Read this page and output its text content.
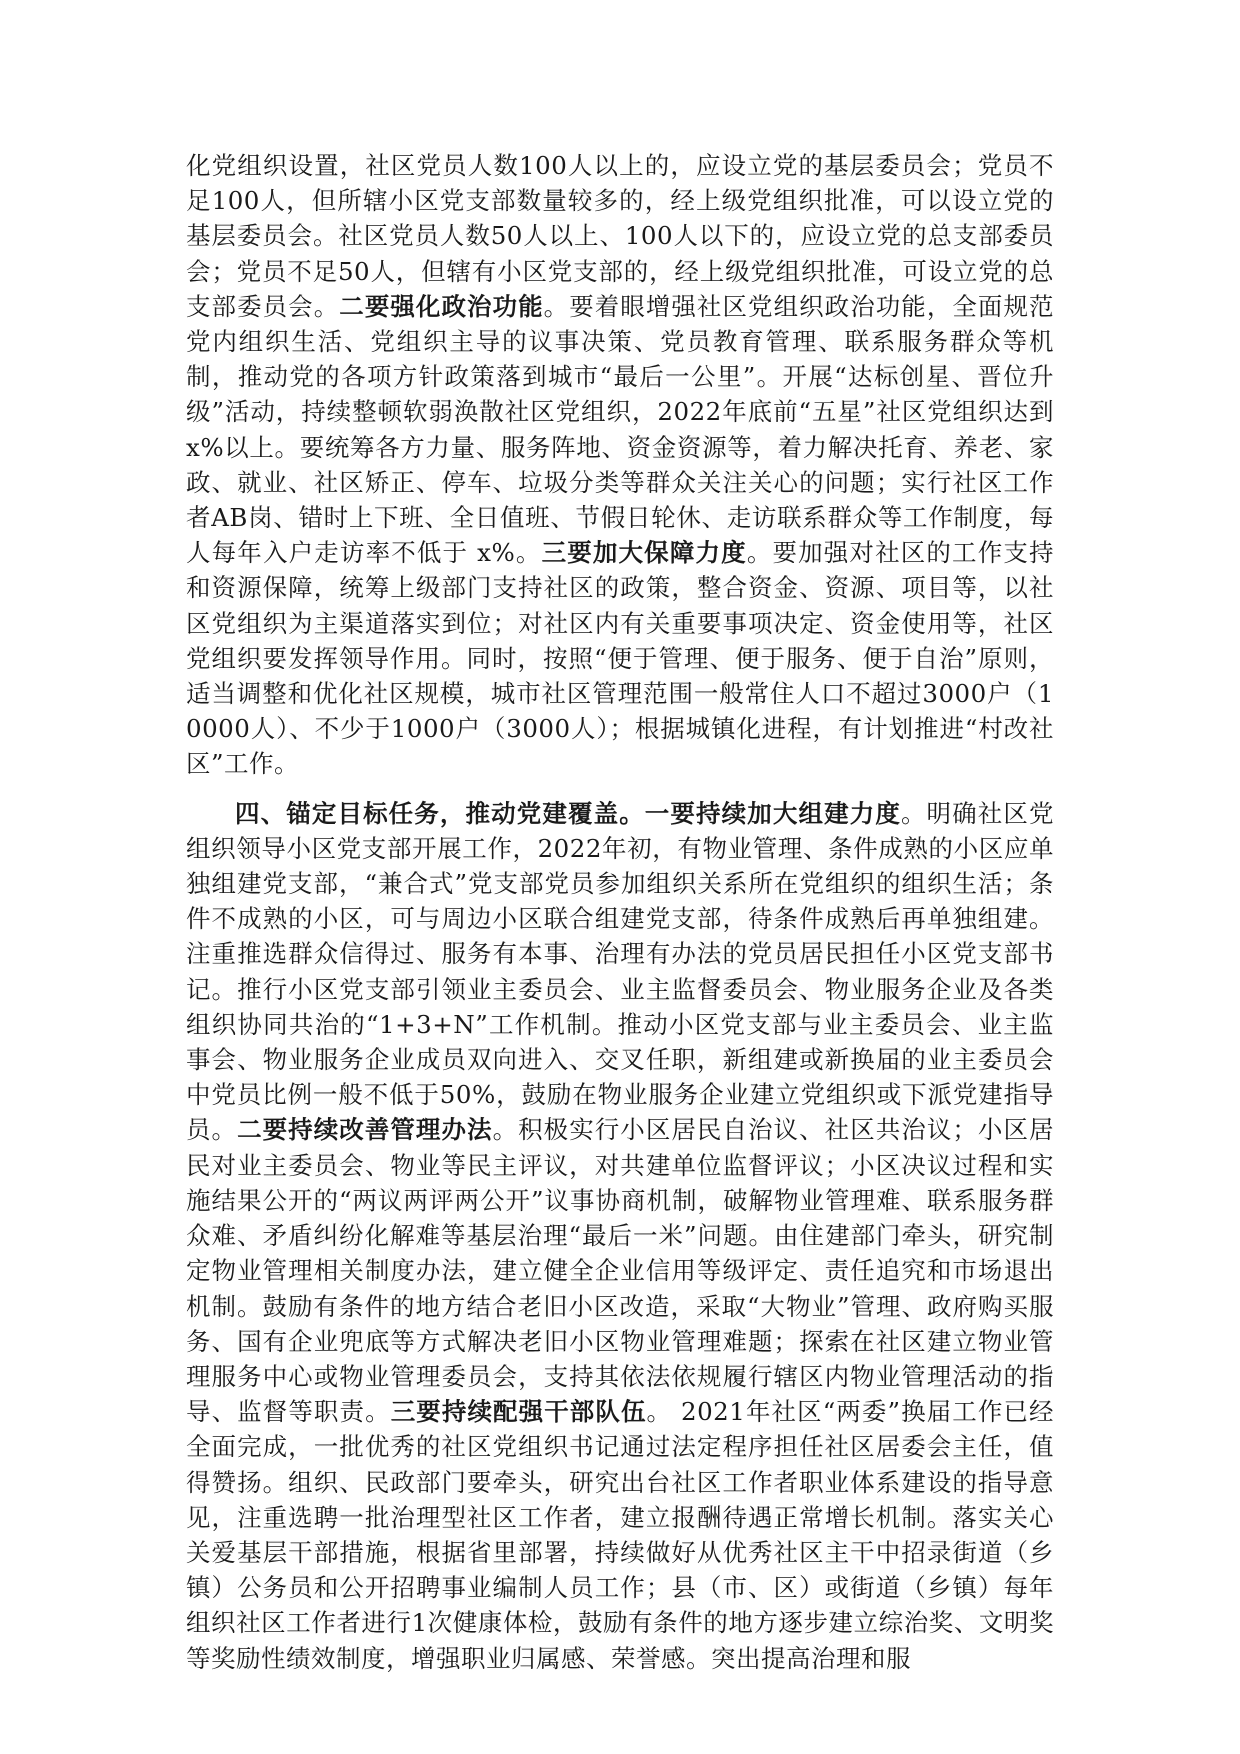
化党组织设置，社区党员人数100人以上的，应设立党的基层委员会；党员不足100人，但所辖小区党支部数量较多的，经上级党组织批准，可以设立党的基层委员会。社区党员人数50人以上、100人以下的，应设立党的总支部委员会；党员不足50人，但辖有小区党支部的，经上级党组织批准，可设立党的总支部委员会。二要强化政治功能。要着眼增强社区党组织政治功能，全面规范党内组织生活、党组织主导的议事决策、党员教育管理、联系服务群众等机制，推动党的各项方针政策落到城市“最后一公里”。开展“达标创星、晋位升级”活动，持续整顿软弱涣散社区党组织，2022年底前“五星”社区党组织达到x%以上。要统筹各方力量、服务阵地、资金资源等，着力解决托育、养老、家政、就业、社区矫正、停车、垃圾分类等群众关注关心的问题；实行社区工作者AB岗、错时上下班、全日值班、节假日轮休、走访联系群众等工作制度，每人每年入户走访率不低于 x%。三要加大保障力度。要加强对社区的工作支持和资源保障，统筹上级部门支持社区的政策，整合资金、资源、项目等，以社区党组织为主渠道落实到位；对社区内有关重要事项决定、资金使用等，社区党组织要发挥领导作用。同时，按照“便于管理、便于服务、便于自治”原则，适当调整和优化社区规模，城市社区管理范围一般常住人口不超过3000户（10000人）、不少于1000户（3000人）；根据城镇化进程，有计划推进“村改社区”工作。

四、锚定目标任务，推动党建覆盖。一要持续加大组建力度。明确社区党组织领导小区党支部开展工作，2022年初，有物业管理、条件成熟的小区应单独组建党支部，“兼合式”党支部党员参加组织关系所在党组织的组织生活；条件不成熟的小区，可与周边小区联合组建党支部，待条件成熟后再单独组建。注重推选群众信得过、服务有本事、治理有办法的党员居民担任小区党支部书记。推行小区党支部引领业主委员会、业主监督委员会、物业服务企业及各类组织协同共治的“1+3+N”工作机制。推动小区党支部与业主委员会、业主监事会、物业服务企业成员双向进入、交叉任职，新组建或新换届的业主委员会中党员比例一般不低于50%，鼓励在物业服务企业建立党组织或下派党建指导员。二要持续改善管理办法。积极实行小区居民自治议、社区共治议；小区居民对业主委员会、物业等民主评议，对共建单位监督评议；小区决议过程和实施结果公开的“两议两评两公开”议事协商机制，破解物业管理难、联系服务群众难、矛盾纠纷化解难等基层治理“最后一米”问题。由住建部门牵头，研究制定物业管理相关制度办法，建立健全企业信用等级评定、责任追究和市场退出机制。鼓励有条件的地方结合老旧小区改造，采取“大物业”管理、政府购买服务、国有企业兜底等方式解决老旧小区物业管理难题；探索在社区建立物业管理服务中心或物业管理委员会，支持其依法依规履行辖区内物业管理活动的指导、监督等职责。三要持续配强干部队伍。 2021年社区“两委”换届工作已经全面完成，一批优秀的社区党组织书记通过法定程序担任社区居委会主任，值得赞扬。组织、民政部门要牵头，研究出台社区工作者职业体系建设的指导意见，注重选聘一批治理型社区工作者，建立报酬待遇正常增长机制。落实关心关爱基层干部措施，根据省里部署，持续做好从优秀社区主干中招录街道（乡镇）公务员和公开招聘事业编制人员工作；县（市、区）或街道（乡镇）每年组织社区工作者进行1次健康体检，鼓励有条件的地方逐步建立综治奖、文明奖等奖励性绩效制度，增强职业归属感、荣誉感。突出提高治理和服
